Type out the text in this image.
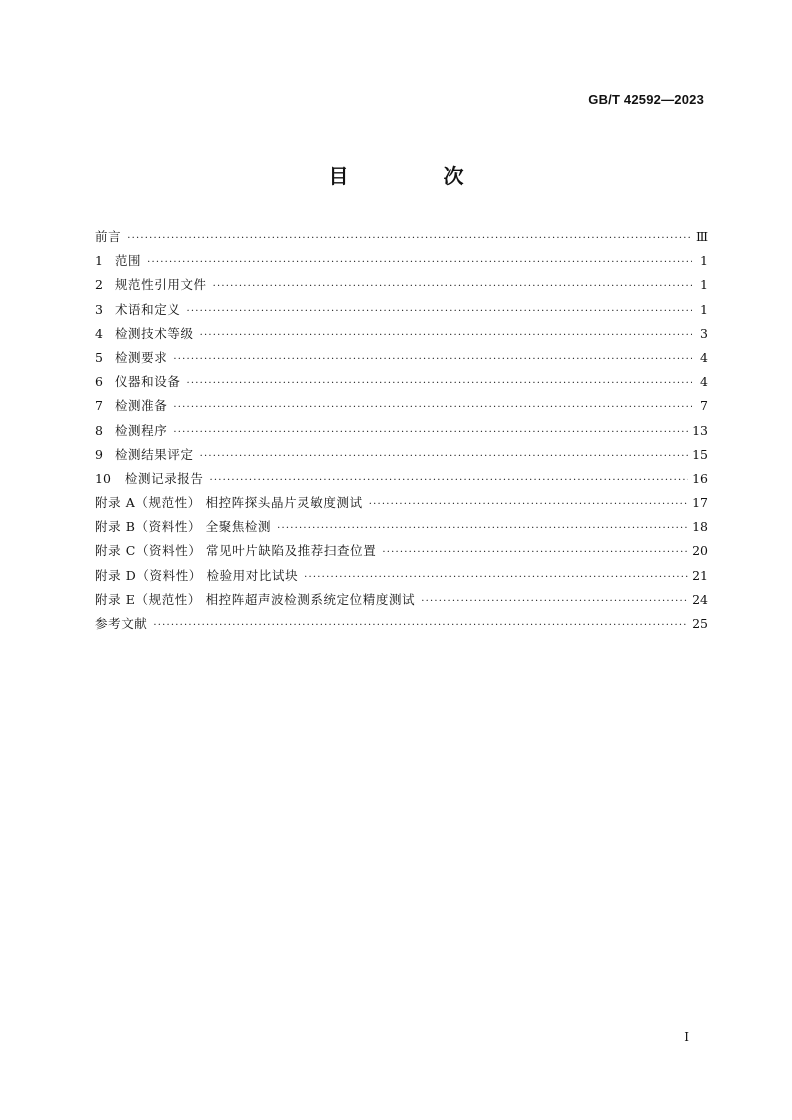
GB/T 42592—2023
目 次
前言 ·····	Ⅲ
1 范围 ·····	1
2 规范性引用文件 ·····	1
3 术语和定义 ·····	1
4 检测技术等级 ·····	3
5 检测要求 ·····	4
6 仪器和设备 ·····	4
7 检测准备 ·····	7
8 检测程序 ·····	13
9 检测结果评定 ·····	15
10 检测记录报告 ·····	16
附录 A（规范性） 相控阵探头晶片灵敏度测试 ·····	17
附录 B（资料性） 全聚焦检测 ·····	18
附录 C（资料性） 常见叶片缺陷及推荐扫查位置 ·····	20
附录 D（资料性） 检验用对比试块 ·····	21
附录 E（规范性） 相控阵超声波检测系统定位精度测试 ·····	24
参考文献 ·····	25
I
